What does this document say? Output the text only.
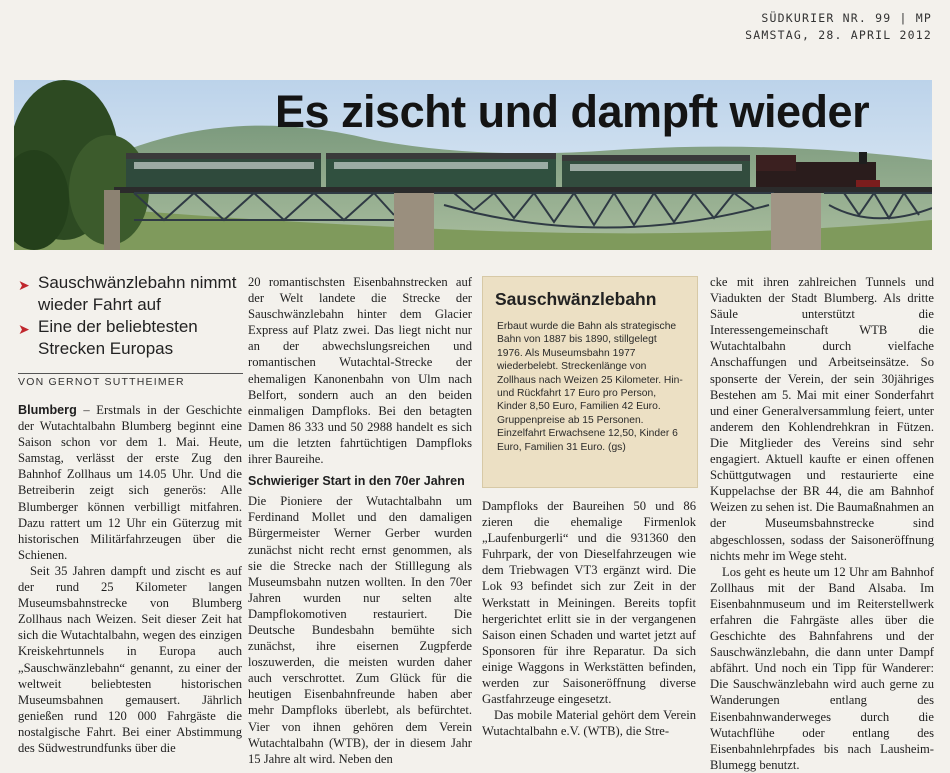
SÜDKURIER NR. 99 | MP
SAMSTAG, 28. APRIL 2012
Es zischt und dampft wieder
➤ Sauschwänzlebahn nimmt wieder Fahrt auf
➤ Eine der beliebtesten Strecken Europas
VON GERNOT SUTTHEIMER

Blumberg – Erstmals in der Geschichte der Wutachtalbahn Blumberg beginnt eine Saison schon vor dem 1. Mai. Heute, Samstag, verlässt der erste Zug den Bahnhof Zollhaus um 14.05 Uhr. Und die Betreiberin zeigt sich generös: Alle Blumberger können verbilligt mitfahren. Dazu rattert um 12 Uhr ein Güterzug mit historischen Militärfahrzeugen über die Schienen.

Seit 35 Jahren dampft und zischt es auf der rund 25 Kilometer langen Museumsbahnstrecke von Blumberg Zollhaus nach Weizen. Seit dieser Zeit hat sich die Wutachtalbahn, wegen des einzigen Kreiskehrtunnels in Europa auch „Sauschwänzlebahn“ genannt, zu einer der weltweit beliebtesten historischen Museumsbahnen gemausert. Jährlich genießen rund 120 000 Fahrgäste die nostalgische Fahrt. Bei einer Abstimmung des Südwestrundfunks über die

20 romantischsten Eisenbahnstrecken auf der Welt landete die Strecke der Sauschwänzlebahn hinter dem Glacier Express auf Platz zwei. Das liegt nicht nur an der abwechslungsreichen und romantischen Wutachtal-Strecke der ehemaligen Kanonenbahn von Ulm nach Belfort, sondern auch an den beiden einmaligen Dampfloks. Bei den betagten Damen 86 333 und 50 2988 handelt es sich um die letzten fahrtüchtigen Dampfloks ihrer Baureihe.

Schwieriger Start in den 70er Jahren

Die Pioniere der Wutachtalbahn um Ferdinand Mollet und den damaligen Bürgermeister Werner Gerber wurden zunächst nicht recht ernst genommen, als sie die Strecke nach der Stilllegung als Museumsbahn nutzen wollten. In den 70er Jahren wurden nur selten alte Dampflokomotiven restauriert. Die Deutsche Bundesbahn bemühte sich zunächst, ihre eisernen Zugpferde loszuwerden, die meisten wurden daher auch verschrottet. Zum Glück für die heutigen Eisenbahnfreunde haben aber mehr Dampfloks überlebt, als befürchtet. Vier von ihnen gehören dem Verein Wutachtalbahn (WTB), der in diesem Jahr 15 Jahre alt wird. Neben den

Sauschwänzlebahn
Erbaut wurde die Bahn als strategische Bahn von 1887 bis 1890, stillgelegt 1976. Als Museumsbahn 1977 wiederbelebt. Streckenlänge von Zollhaus nach Weizen 25 Kilometer. Hin- und Rückfahrt 17 Euro pro Person, Kinder 8,50 Euro, Familien 42 Euro. Gruppenpreise ab 15 Personen. Einzelfahrt Erwachsene 12,50, Kinder 6 Euro, Familien 31 Euro. (gs)

Dampfloks der Baureihen 50 und 86 zieren die ehemalige Firmenlok „Laufenburgerli“ und die 931360 den Fuhrpark, der von Dieselfahrzeugen wie dem Triebwagen VT3 ergänzt wird. Die Lok 93 befindet sich zur Zeit in der Werkstatt in Meiningen. Bereits topfit hergerichtet erlitt sie in der vergangenen Saison einen Schaden und wartet jetzt auf Sponsoren für ihre Reparatur. Da sich einige Waggons in Werkstätten befinden, werden zur Saisoneröffnung diverse Gastfahrzeuge eingesetzt.

Das mobile Material gehört dem Verein Wutachtalbahn e.V. (WTB), die Stre-

cke mit ihren zahlreichen Tunnels und Viadukten der Stadt Blumberg. Als dritte Säule unterstützt die Interessengemeinschaft WTB die Wutachtalbahn durch vielfache Anschaffungen und Arbeitseinsätze. So sponserte der Verein, der sein 30jähriges Bestehen am 5. Mai mit einer Sonderfahrt und einer Generalversammlung feiert, unter anderem den Kohlendrehkran in Fützen. Die Mitglieder des Vereins sind sehr engagiert. Aktuell kaufte er einen offenen Schüttgutwagen und restaurierte eine Kuppelachse der BR 44, die am Bahnhof Weizen zu sehen ist. Die Baumaßnahmen an der Museumsbahnstrecke sind abgeschlossen, sodass der Saisoneröffnung nichts mehr im Wege steht.

Los geht es heute um 12 Uhr am Bahnhof Zollhaus mit der Band Alsaba. Im Eisenbahnmuseum und im Reiterstellwerk erfahren die Fahrgäste alles über die Geschichte des Bahnfahrens und der Sauschwänzlebahn, die dann unter Dampf abfährt. Und noch ein Tipp für Wanderer: Die Sauschwänzlebahn wird auch gerne zu Wanderungen entlang des Eisenbahnwanderweges durch die Wutachflühe oder entlang des Eisenbahnlehrpfades bis nach Lausheim-Blumegg benutzt.
